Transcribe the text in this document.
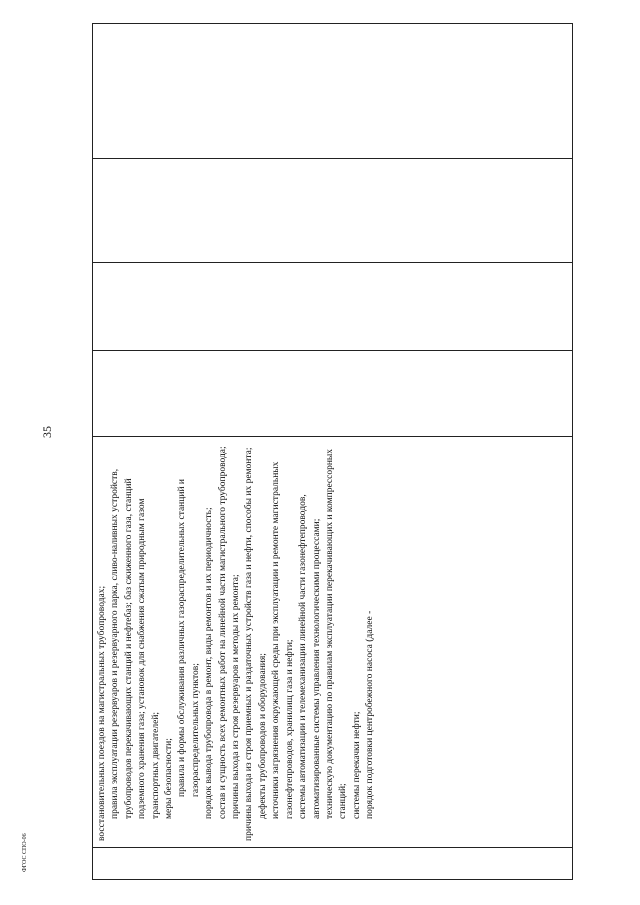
35

восстановительных поездов на магистральных трубопроводах; правила эксплуатации резервуаров и резервуарного парка, сливо-наливных устройств, трубопроводов перекачивающих станций и нефтебаз; баз сжиженного газа, станций подземного хранения газа; установок для снабжения сжатым природным газом транспортных двигателей; меры безопасности; правила и формы обслуживания различных газораспределительных станций и газораспределительных пунктов; порядок вывода трубопровода в ремонт, виды ремонтов и их периодичность; состав и сущность всех ремонтных работ на линейной части магистрального трубопровода; причины выхода из строя резервуаров и методы их ремонта; причины выхода из строя приемных и раздаточных устройств газа и нефти, способы их ремонта; дефекты трубопроводов и оборудования; источники загрязнения окружающей среды при эксплуатации и ремонте магистральных газонефтепроводов, хранилищ газа и нефти; системы автоматизации и телемеханизации линейной части газонефтепроводов, автоматизированные системы управления технологическими процессами; техническую документацию по правилам эксплуатации перекачивающих и компрессорных станций; системы перекачки нефти; порядок подготовки центробежного насоса (далее -

ФГОС СПО-06
